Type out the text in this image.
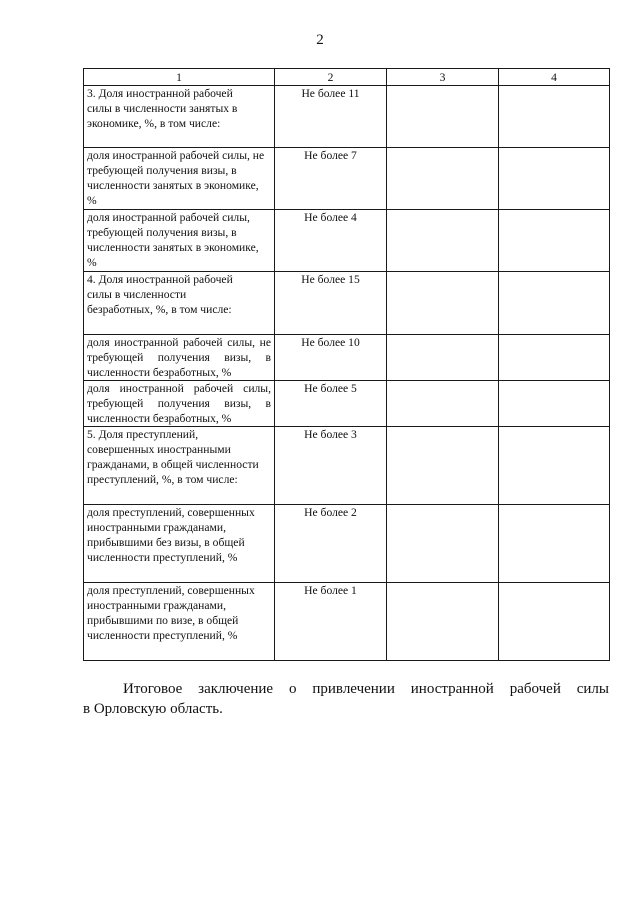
2
1	2	3	4
3. Доля иностранной рабочей силы в численности занятых в экономике, %, в том числе:	Не более 11		
доля иностранной рабочей силы, не требующей получения визы, в численности занятых в экономике, %	Не более 7		
доля иностранной рабочей силы, требующей получения визы, в численности занятых в экономике, %	Не более 4		
4. Доля иностранной рабочей силы в численности безработных, %, в том числе:	Не более 15		
доля иностранной рабочей силы, не требующей получения визы, в численности безработных, %	Не более 10		
доля иностранной рабочей силы, требующей получения визы, в численности безработных, %	Не более 5		
5. Доля преступлений, совершенных иностранными гражданами, в общей численности преступлений, %, в том числе:	Не более 3		
доля преступлений, совершенных иностранными гражданами, прибывшими без визы, в общей численности преступлений, %	Не более 2		
доля преступлений, совершенных иностранными гражданами, прибывшими по визе, в общей численности преступлений, %	Не более 1		

Итоговое заключение о привлечении иностранной рабочей силы
в Орловскую область.
